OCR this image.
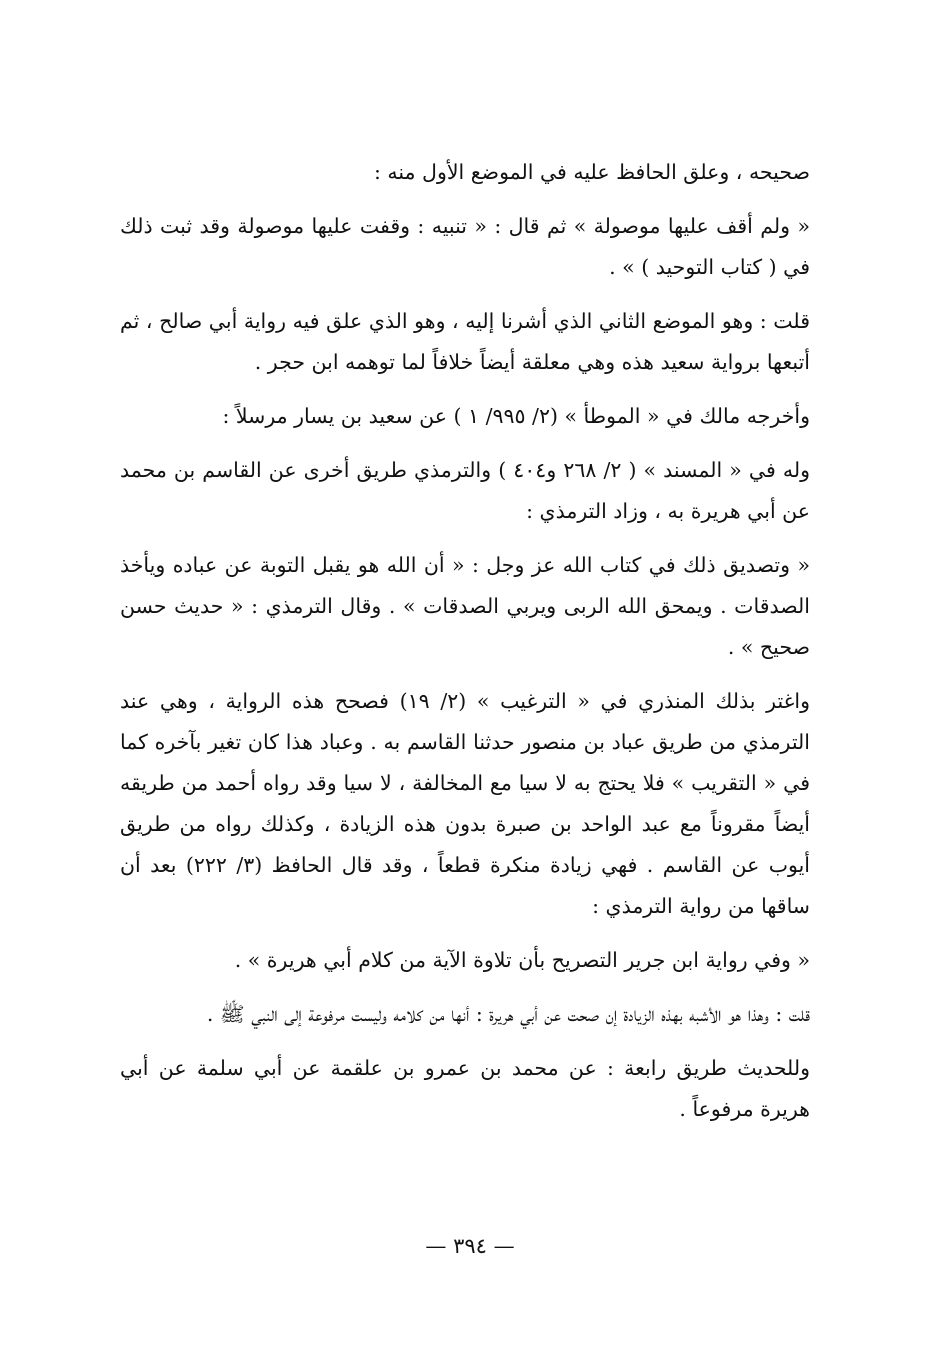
صحيحه ، وعلق الحافظ عليه في الموضع الأول منه :

« ولم أقف عليها موصولة » ثم قال : « تنبيه : وقفت عليها موصولة وقد ثبت ذلك في ( كتاب التوحيد ) » .

قلت : وهو الموضع الثاني الذي أشرنا إليه ، وهو الذي علق فيه رواية أبي صالح ، ثم أتبعها برواية سعيد هذه وهي معلقة أيضاً خلافاً لما توهمه ابن حجر .

وأخرجه مالك في « الموطأ » (٢/ ٩٩٥/ ١ ) عن سعيد بن يسار مرسلاً :

وله في « المسند » ( ٢/ ٢٦٨ و٤٠٤ ) والترمذي طريق أخرى عن القاسم بن محمد عن أبي هريرة به ، وزاد الترمذي :

« وتصديق ذلك في كتاب الله عز وجل : « أن الله هو يقبل التوبة عن عباده ويأخذ الصدقات . ويمحق الله الربى ويربي الصدقات » . وقال الترمذي : « حديث حسن صحيح » .

واغتر بذلك المنذري في « الترغيب » (٢/ ١٩) فصحح هذه الرواية ، وهي عند الترمذي من طريق عباد بن منصور حدثنا القاسم به . وعباد هذا كان تغير بآخره كما في « التقريب » فلا يحتج به لا سيا مع المخالفة ، لا سيا وقد رواه أحمد من طريقه أيضاً مقروناً مع عبد الواحد بن صبرة بدون هذه الزيادة ، وكذلك رواه من طريق أيوب عن القاسم . فهي زيادة منكرة قطعاً ، وقد قال الحافظ (٣/ ٢٢٢) بعد أن ساقها من رواية الترمذي :

« وفي رواية ابن جرير التصريح بأن تلاوة الآية من كلام أبي هريرة » .

قلت : وهذا هو الأشبه بهذه الزيادة إن صحت عن أبي هريرة : أنها من كلامه وليست مرفوعة إلى النبي ﷺ .

وللحديث طريق رابعة : عن محمد بن عمرو بن علقمة عن أبي سلمة عن أبي هريرة مرفوعاً .

— ٣٩٤ —
